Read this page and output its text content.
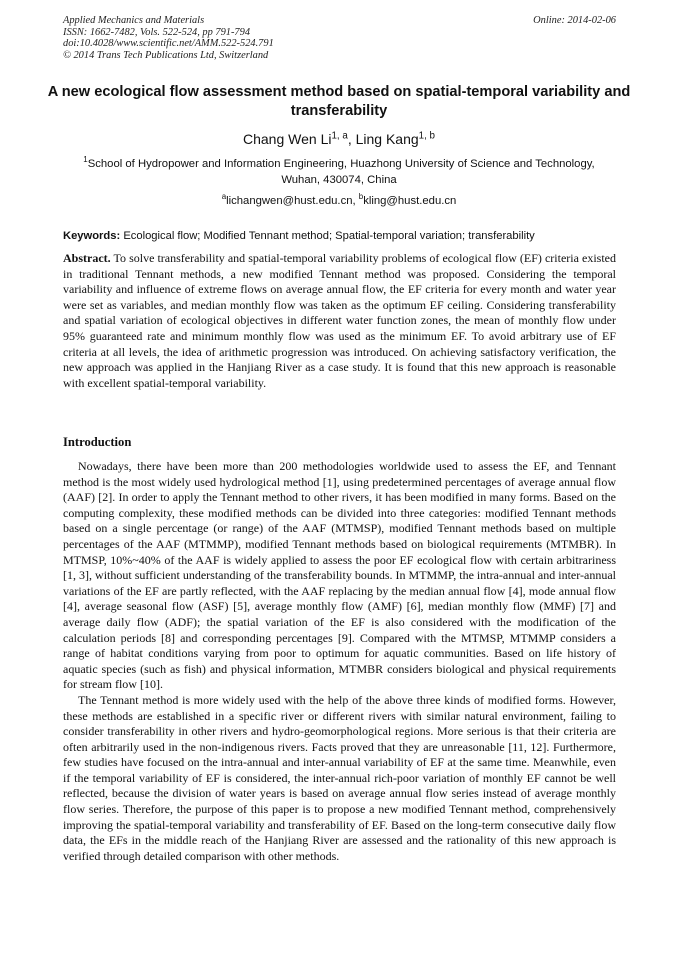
Applied Mechanics and Materials
ISSN: 1662-7482, Vols. 522-524, pp 791-794
doi:10.4028/www.scientific.net/AMM.522-524.791
© 2014 Trans Tech Publications Ltd, Switzerland
Online: 2014-02-06
A new ecological flow assessment method based on spatial-temporal variability and transferability
Chang Wen Li$^{1, a}$, Ling Kang$^{1, b}$
$^1$School of Hydropower and Information Engineering, Huazhong University of Science and Technology, Wuhan, 430074, China
$^a$lichangwen@hust.edu.cn, $^b$kling@hust.edu.cn
Keywords: Ecological flow; Modified Tennant method; Spatial-temporal variation; transferability
Abstract. To solve transferability and spatial-temporal variability problems of ecological flow (EF) criteria existed in traditional Tennant methods, a new modified Tennant method was proposed. Considering the temporal variability and influence of extreme flows on average annual flow, the EF criteria for every month and water year were set as variables, and median monthly flow was taken as the optimum EF ceiling. Considering transferability and spatial variation of ecological objectives in different water function zones, the mean of monthly flow under 95% guaranteed rate and minimum monthly flow was used as the minimum EF. To avoid arbitrary use of EF criteria at all levels, the idea of arithmetic progression was introduced. On achieving satisfactory verification, the new approach was applied in the Hanjiang River as a case study. It is found that this new approach is reasonable with excellent spatial-temporal variability.
Introduction

Nowadays, there have been more than 200 methodologies worldwide used to assess the EF, and Tennant method is the most widely used hydrological method [1], using predetermined percentages of average annual flow (AAF) [2]. In order to apply the Tennant method to other rivers, it has been modified in many forms. Based on the computing complexity, these modified methods can be divided into three categories: modified Tennant methods based on a single percentage (or range) of the AAF (MTMSP), modified Tennant methods based on multiple percentages of the AAF (MTMMP), modified Tennant methods based on biological requirements (MTMBR). In MTMSP, 10%~40% of the AAF is widely applied to assess the poor EF ecological flow with certain arbitrariness [1, 3], without sufficient understanding of the transferability bounds. In MTMMP, the intra-annual and inter-annual variations of the EF are partly reflected, with the AAF replacing by the median annual flow [4], mode annual flow [4], average seasonal flow (ASF) [5], average monthly flow (AMF) [6], median monthly flow (MMF) [7] and average daily flow (ADF); the spatial variation of the EF is also considered with the modification of the calculation periods [8] and corresponding percentages [9]. Compared with the MTMSP, MTMMP considers a range of habitat conditions varying from poor to optimum for aquatic communities. Based on life history of aquatic species (such as fish) and physical information, MTMBR considers biological and physical requirements for stream flow [10].

The Tennant method is more widely used with the help of the above three kinds of modified forms. However, these methods are established in a specific river or different rivers with similar natural environment, failing to consider transferability in other rivers and hydro-geomorphological regions. More serious is that their criteria are often arbitrarily used in the non-indigenous rivers. Facts proved that they are unreasonable [11, 12]. Furthermore, few studies have focused on the intra-annual and inter-annual variability of EF at the same time. Meanwhile, even if the temporal variability of EF is considered, the inter-annual rich-poor variation of monthly EF cannot be well reflected, because the division of water years is based on average annual flow series instead of average monthly flow series. Therefore, the purpose of this paper is to propose a new modified Tennant method, comprehensively improving the spatial-temporal variability and transferability of EF. Based on the long-term consecutive daily flow data, the EFs in the middle reach of the Hanjiang River are assessed and the rationality of this new approach is verified through detailed comparison with other methods.
